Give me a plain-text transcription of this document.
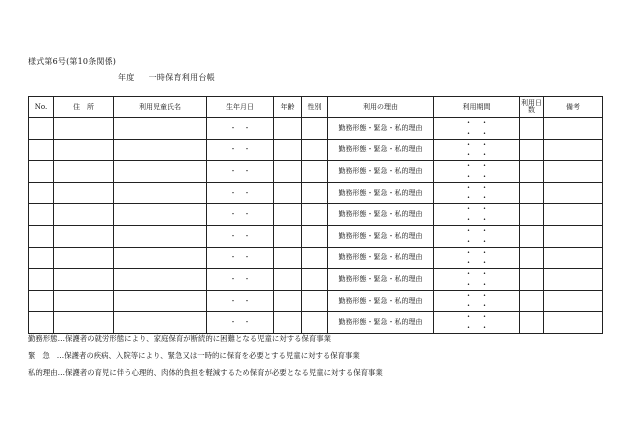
様式第6号(第10条関係)
年度 一時保育利用台帳
No.	住　所	利用児童氏名	生年月日	年齢	性別	利用の理由	利用期間	利用日数	備考
			・　・			勤務形態・緊急・私的理由	・　・
・　・		

			・　・			勤務形態・緊急・私的理由	・　・
・　・		

			・　・			勤務形態・緊急・私的理由	・　・
・　・		

			・　・			勤務形態・緊急・私的理由	・　・
・　・		

			・　・			勤務形態・緊急・私的理由	・　・
・　・		

			・　・			勤務形態・緊急・私的理由	・　・
・　・		

			・　・			勤務形態・緊急・私的理由	・　・
・　・		

			・　・			勤務形態・緊急・私的理由	・　・
・　・		

			・　・			勤務形態・緊急・私的理由	・　・
・　・		

			・　・			勤務形態・緊急・私的理由	・　・
・　・		

勤務形態…保護者の就労形態により、家庭保育が断続的に困難となる児童に対する保育事業
緊急…保護者の疾病、入院等により、緊急又は一時的に保育を必要とする児童に対する保育事業
私的理由…保護者の育児に伴う心理的、肉体的負担を軽減するため保育が必要となる児童に対する保育事業
